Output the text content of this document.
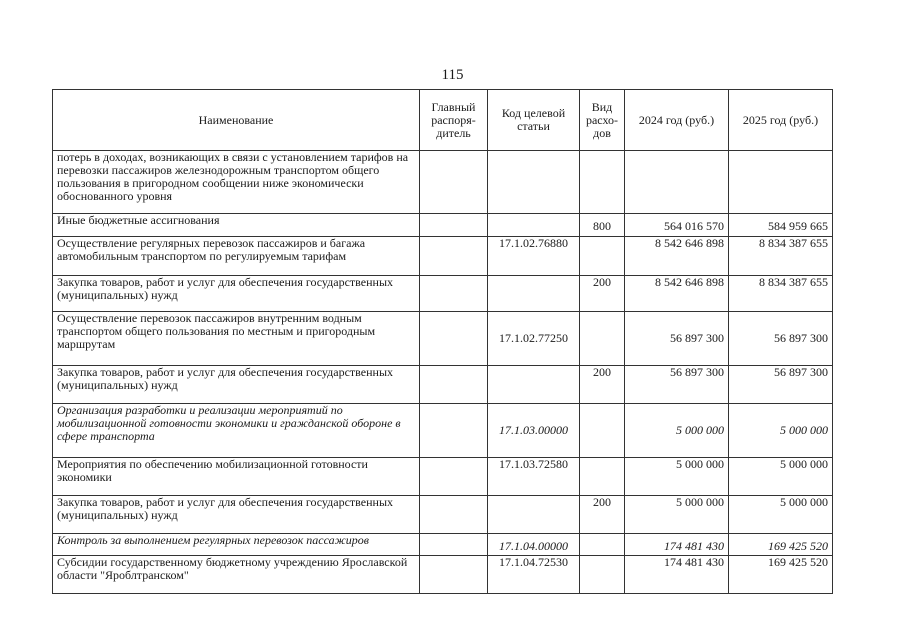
115
Наименование	Главный распоря-дитель	Код целевой статьи	Вид расхо-дов	2024 год (руб.)	2025 год (руб.)
потерь в доходах, возникающих в связи с установлением тарифов на перевозки пассажиров железнодорожным транспортом общего пользования в пригородном сообщении ниже экономически обоснованного уровня					
Иные бюджетные ассигнования			800	564 016 570	584 959 665
Осуществление регулярных перевозок пассажиров и багажа автомобильным транспортом по регулируемым тарифам		17.1.02.76880		8 542 646 898	8 834 387 655
Закупка товаров, работ и услуг для обеспечения государственных (муниципальных) нужд			200	8 542 646 898	8 834 387 655
Осуществление перевозок пассажиров внутренним водным транспортом общего пользования по местным и пригородным маршрутам		17.1.02.77250		56 897 300	56 897 300
Закупка товаров, работ и услуг для обеспечения государственных (муниципальных) нужд			200	56 897 300	56 897 300
Организация разработки и реализации мероприятий по мобилизационной готовности экономики и гражданской обороне в сфере транспорта		17.1.03.00000		5 000 000	5 000 000
Мероприятия по обеспечению мобилизационной готовности экономики		17.1.03.72580		5 000 000	5 000 000
Закупка товаров, работ и услуг для обеспечения государственных (муниципальных) нужд			200	5 000 000	5 000 000
Контроль за выполнением регулярных перевозок пассажиров		17.1.04.00000		174 481 430	169 425 520
Субсидии государственному бюджетному учреждению Ярославской области "Яроблтранском"		17.1.04.72530		174 481 430	169 425 520
